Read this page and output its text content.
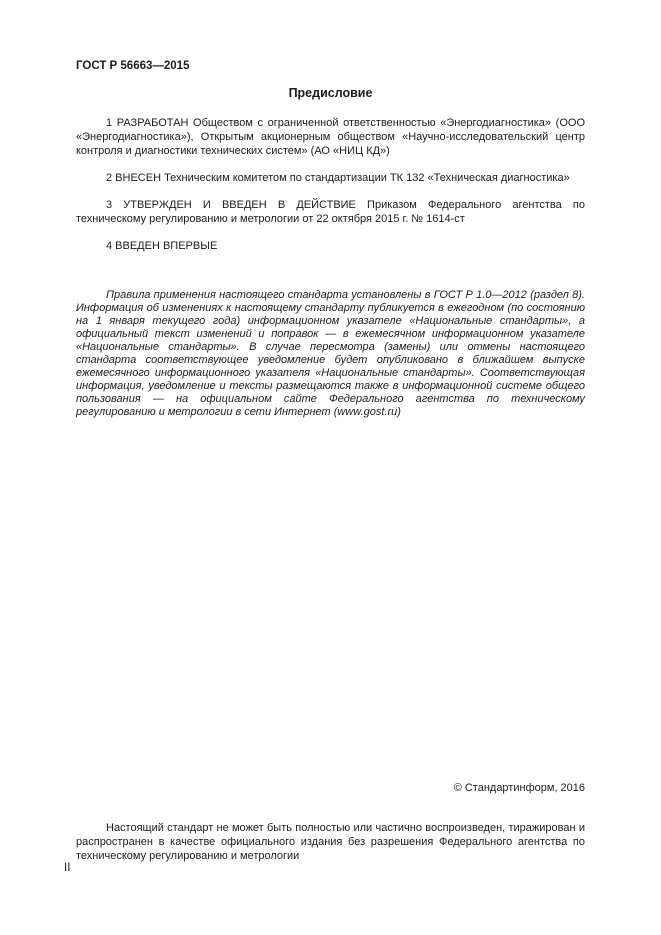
ГОСТ Р 56663—2015
Предисловие

1 РАЗРАБОТАН Обществом с ограниченной ответственностью «Энергодиагностика» (ООО «Энергодиагностика»), Открытым акционерным обществом «Научно-исследовательский центр контроля и диагностики технических систем» (АО «НИЦ КД»)

2 ВНЕСЕН Техническим комитетом по стандартизации ТК 132 «Техническая диагностика»

3 УТВЕРЖДЕН И ВВЕДЕН В ДЕЙСТВИЕ Приказом Федерального агентства по техническому регулированию и метрологии от 22 октября 2015 г. № 1614-ст

4 ВВЕДЕН ВПЕРВЫЕ

Правила применения настоящего стандарта установлены в ГОСТ Р 1.0—2012 (раздел 8). Информация об изменениях к настоящему стандарту публикуется в ежегодном (по состоянию на 1 января текущего года) информационном указателе «Национальные стандарты», а официальный текст изменений и поправок — в ежемесячном информационном указателе «Национальные стандарты». В случае пересмотра (замены) или отмены настоящего стандарта соответствующее уведомление будет опубликовано в ближайшем выпуске ежемесячного информационного указателя «Национальные стандарты». Соответствующая информация, уведомление и тексты размещаются также в информационной системе общего пользования — на официальном сайте Федерального агентства по техническому регулированию и метрологии в сети Интернет (www.gost.ru)

© Стандартинформ, 2016

Настоящий стандарт не может быть полностью или частично воспроизведен, тиражирован и распространен в качестве официального издания без разрешения Федерального агентства по техническому регулированию и метрологии

II
